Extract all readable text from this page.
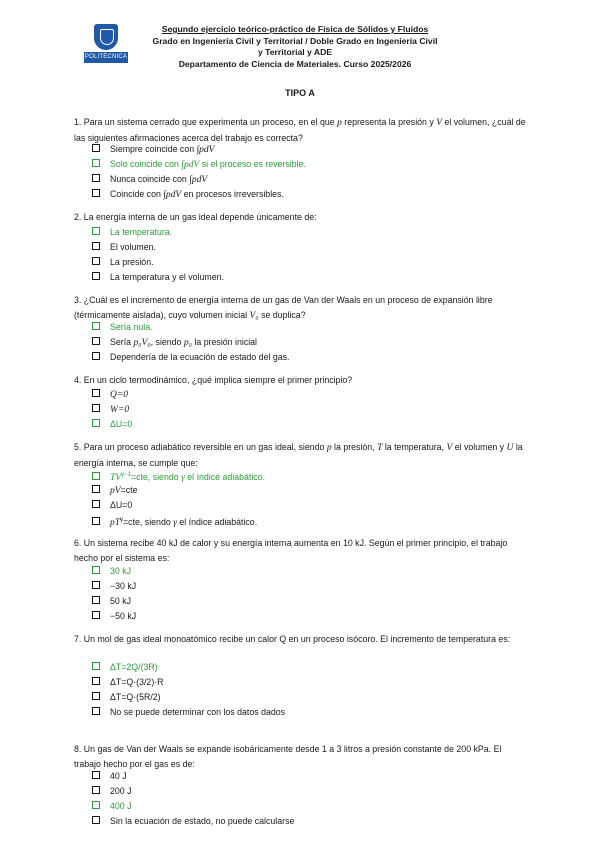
POLITÉCNICA
Segundo ejercicio teórico-práctico de Física de Sólidos y Fluidos
Grado en Ingeniería Civil y Territorial / Doble Grado en Ingeniería Civil
y Territorial y ADE
Departamento de Ciencia de Materiales. Curso 2025/2026
TIPO A
1. Para un sistema cerrado que experimenta un proceso, en el que p representa la presión y V el volumen, ¿cuál de las siguientes afirmaciones acerca del trabajo es correcta?
Siempre coincide con ∫pdV
Solo coincide con ∫pdV si el proceso es reversible.
Nunca coincide con ∫pdV
Coincide con ∫pdV en procesos irreversibles.
2. La energía interna de un gas ideal depende únicamente de:
La temperatura.
El volumen.
La presión.
La temperatura y el volumen.
3. ¿Cuál es el incremento de energía interna de un gas de Van der Waals en un proceso de expansión libre (térmicamente aislada), cuyo volumen inicial V₀ se duplica?
Sería nula.
Sería p₀V₀, siendo p₀ la presión inicial
Dependería de la ecuación de estado del gas.
4. En un ciclo termodinámico, ¿qué implica siempre el primer principio?
Q=0
W=0
ΔU=0
5. Para un proceso adiabático reversible en un gas ideal, siendo p la presión, T la temperatura, V el volumen y U la energía interna, se cumple que:
$TV^{\gamma-1}=cte$, siendo γ el índice adiabático.
pV=cte
ΔU=0
$pT^\gamma=cte$, siendo γ el índice adiabático.
6. Un sistema recibe 40 kJ de calor y su energía interna aumenta en 10 kJ. Según el primer principio, el trabajo hecho por el sistema es:
30 kJ
−30 kJ
50 kJ
−50 kJ
7. Un mol de gas ideal monoatómico recibe un calor Q en un proceso isócoro. El incremento de temperatura es:
ΔT=2Q/(3R)
ΔT=Q·(3/2)·R
ΔT=Q·(5R/2)
No se puede determinar con los datos dados
8. Un gas de Van der Waals se expande isobáricamente desde 1 a 3 litros a presión constante de 200 kPa. El trabajo hecho por el gas es de:
40 J
200 J
400 J
Sin la ecuación de estado, no puede calcularse
